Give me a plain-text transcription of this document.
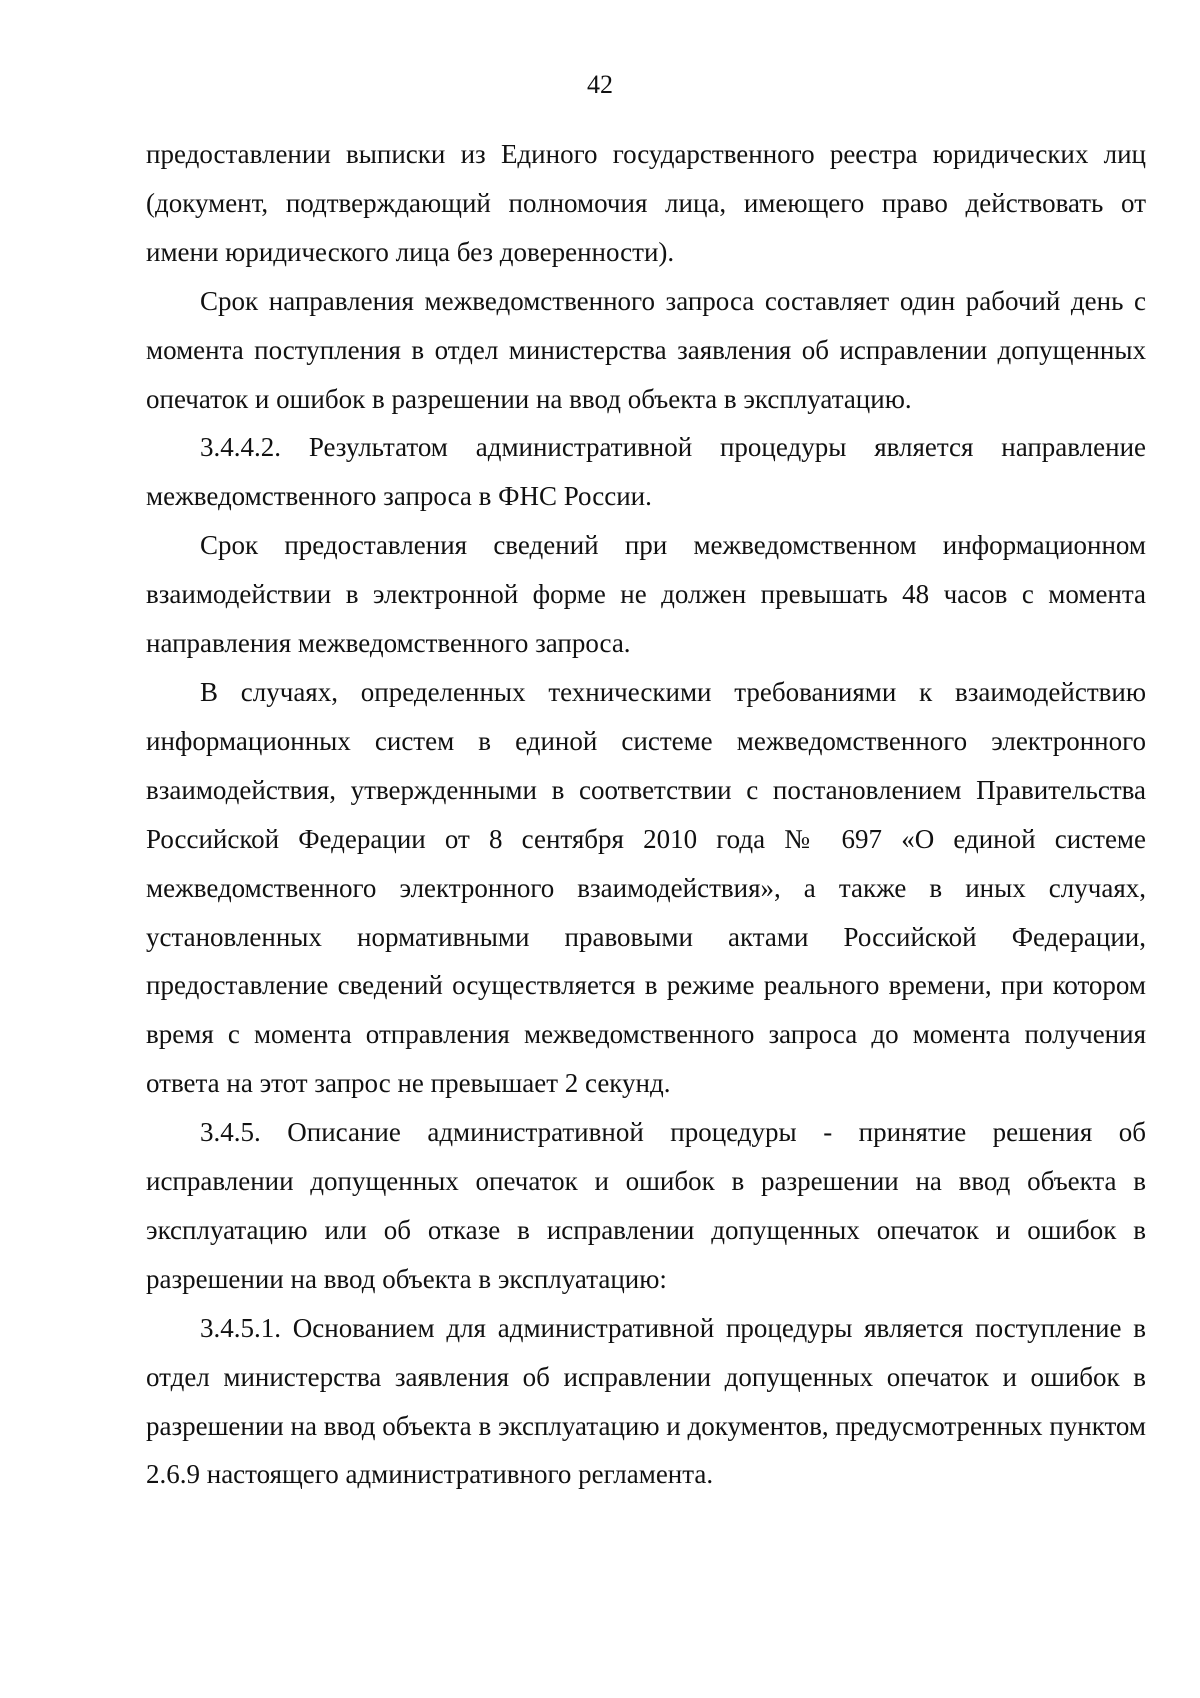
42

предоставлении выписки из Единого государственного реестра юридических лиц (документ, подтверждающий полномочия лица, имеющего право действовать от имени юридического лица без доверенности).

Срок направления межведомственного запроса составляет один рабочий день с момента поступления в отдел министерства заявления об исправлении допущенных опечаток и ошибок в разрешении на ввод объекта в эксплуатацию.

3.4.4.2. Результатом административной процедуры является направление межведомственного запроса в ФНС России.

Срок предоставления сведений при межведомственном информационном взаимодействии в электронной форме не должен превышать 48 часов с момента направления межведомственного запроса.

В случаях, определенных техническими требованиями к взаимодействию информационных систем в единой системе межведомственного электронного взаимодействия, утвержденными в соответствии с постановлением Правительства Российской Федерации от 8 сентября 2010 года № 697 «О единой системе межведомственного электронного взаимодействия», а также в иных случаях, установленных нормативными правовыми актами Российской Федерации, предоставление сведений осуществляется в режиме реального времени, при котором время с момента отправления межведомственного запроса до момента получения ответа на этот запрос не превышает 2 секунд.

3.4.5. Описание административной процедуры - принятие решения об исправлении допущенных опечаток и ошибок в разрешении на ввод объекта в эксплуатацию или об отказе в исправлении допущенных опечаток и ошибок в разрешении на ввод объекта в эксплуатацию:

3.4.5.1. Основанием для административной процедуры является поступление в отдел министерства заявления об исправлении допущенных опечаток и ошибок в разрешении на ввод объекта в эксплуатацию и документов, предусмотренных пунктом 2.6.9 настоящего административного регламента.
